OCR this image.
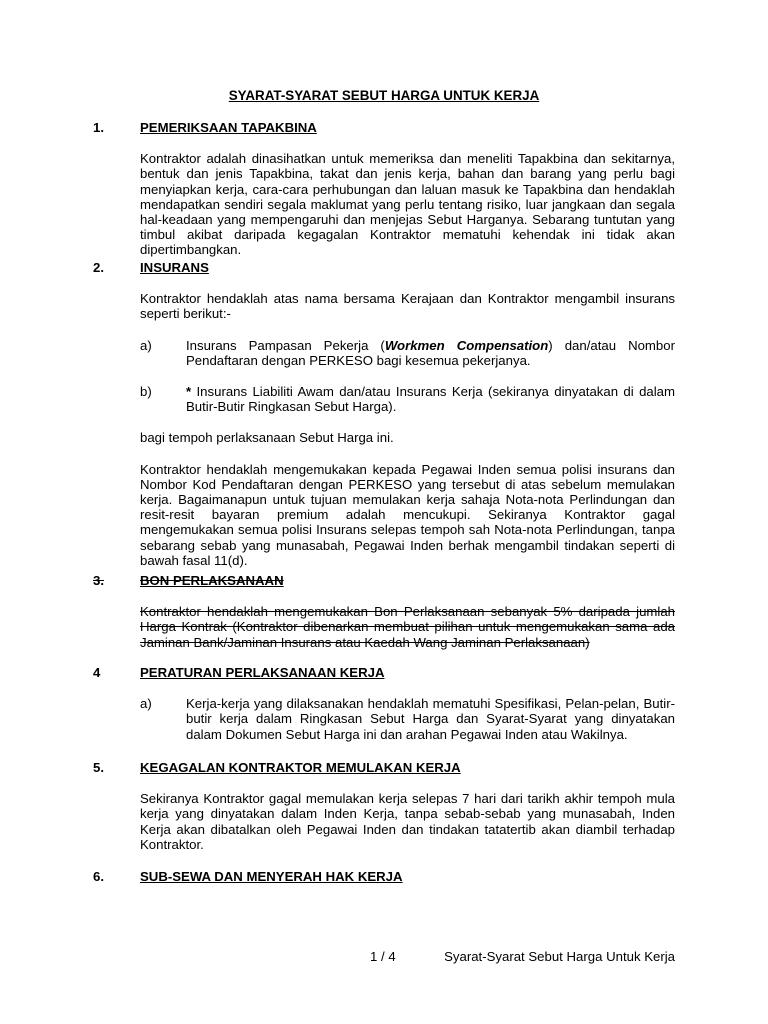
SYARAT-SYARAT SEBUT HARGA UNTUK KERJA
1.	PEMERIKSAAN TAPAKBINA
Kontraktor adalah dinasihatkan untuk memeriksa dan meneliti Tapakbina dan sekitarnya, bentuk dan jenis Tapakbina, takat dan jenis kerja, bahan dan barang yang perlu bagi menyiapkan kerja, cara-cara perhubungan dan laluan masuk ke Tapakbina dan hendaklah mendapatkan sendiri segala maklumat yang perlu tentang risiko, luar jangkaan dan segala hal-keadaan yang mempengaruhi dan menjejas Sebut Harganya. Sebarang tuntutan yang timbul akibat daripada kegagalan Kontraktor mematuhi kehendak ini tidak akan dipertimbangkan.
2.	INSURANS
Kontraktor hendaklah atas nama bersama Kerajaan dan Kontraktor mengambil insurans seperti berikut:-
a)	Insurans Pampasan Pekerja (Workmen Compensation) dan/atau Nombor Pendaftaran dengan PERKESO bagi kesemua pekerjanya.
b)	* Insurans Liabiliti Awam dan/atau Insurans Kerja (sekiranya dinyatakan di dalam Butir-Butir Ringkasan Sebut Harga).
bagi tempoh perlaksanaan Sebut Harga ini.
Kontraktor hendaklah mengemukakan kepada Pegawai Inden semua polisi insurans dan Nombor Kod Pendaftaran dengan PERKESO yang tersebut di atas sebelum memulakan kerja. Bagaimanapun untuk tujuan memulakan kerja sahaja Nota-nota Perlindungan dan resit-resit bayaran premium adalah mencukupi. Sekiranya Kontraktor gagal mengemukakan semua polisi Insurans selepas tempoh sah Nota-nota Perlindungan, tanpa sebarang sebab yang munasabah, Pegawai Inden berhak mengambil tindakan seperti di bawah fasal 11(d).
3.	BON PERLAKSANAAN
Kontraktor hendaklah mengemukakan Bon Perlaksanaan sebanyak 5% daripada jumlah Harga Kontrak (Kontraktor dibenarkan membuat pilihan untuk mengemukakan sama ada Jaminan Bank/Jaminan Insurans atau Kaedah Wang Jaminan Perlaksanaan)
4	PERATURAN PERLAKSANAAN KERJA
a)	Kerja-kerja yang dilaksanakan hendaklah mematuhi Spesifikasi, Pelan-pelan, Butir-butir kerja dalam Ringkasan Sebut Harga dan Syarat-Syarat yang dinyatakan dalam Dokumen Sebut Harga ini dan arahan Pegawai Inden atau Wakilnya.
5.	KEGAGALAN KONTRAKTOR MEMULAKAN KERJA
Sekiranya Kontraktor gagal memulakan kerja selepas 7 hari dari tarikh akhir tempoh mula kerja yang dinyatakan dalam Inden Kerja, tanpa sebab-sebab yang munasabah, Inden Kerja akan dibatalkan oleh Pegawai Inden dan tindakan tatatertib akan diambil terhadap Kontraktor.
6.	SUB-SEWA DAN MENYERAH HAK KERJA
1 / 4	Syarat-Syarat Sebut Harga Untuk Kerja
